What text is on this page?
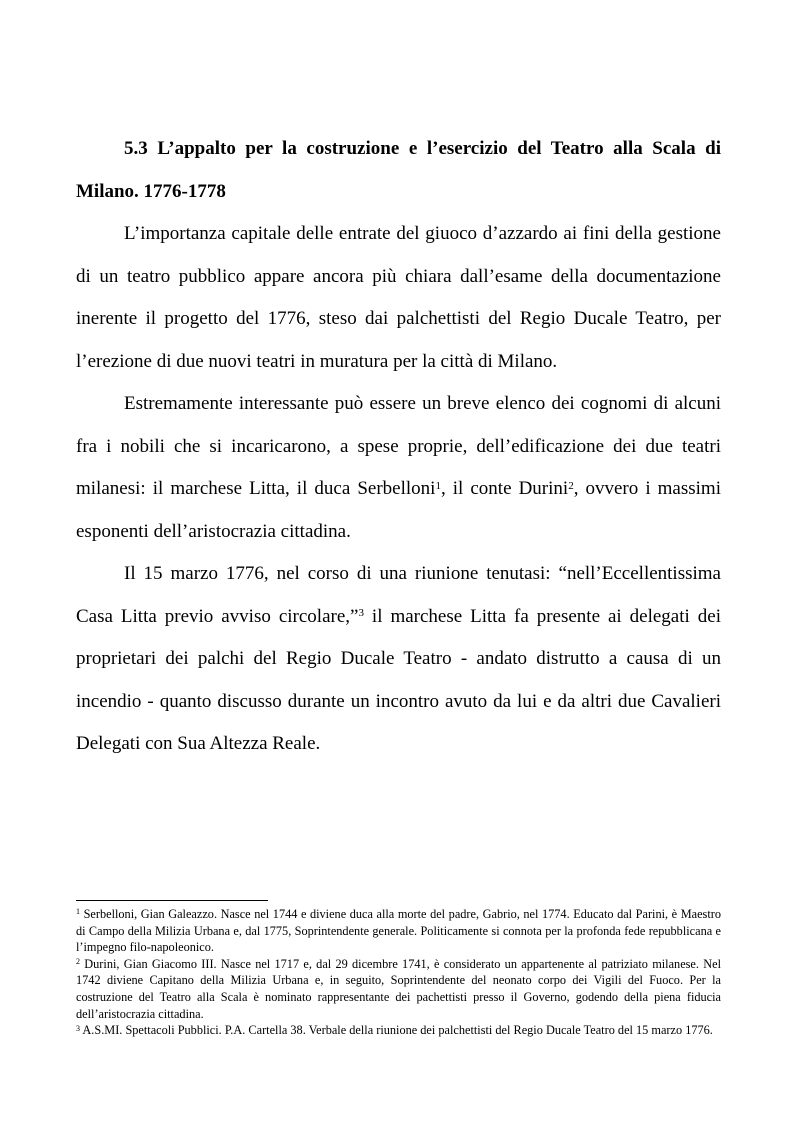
5.3 L’appalto per la costruzione e l’esercizio del Teatro alla Scala di Milano. 1776-1778

L’importanza capitale delle entrate del giuoco d’azzardo ai fini della gestione di un teatro pubblico appare ancora più chiara dall’esame della documentazione inerente il progetto del 1776, steso dai palchettisti del Regio Ducale Teatro, per l’erezione di due nuovi teatri in muratura per la città di Milano.

Estremamente interessante può essere un breve elenco dei cognomi di alcuni fra i nobili che si incaricarono, a spese proprie, dell’edificazione dei due teatri milanesi: il marchese Litta, il duca Serbelloni$^1$, il conte Durini$^2$, ovvero i massimi esponenti dell’aristocrazia cittadina.

Il 15 marzo 1776, nel corso di una riunione tenutasi: “nell’Eccellentissima Casa Litta previo avviso circolare,”$^3$ il marchese Litta fa presente ai delegati dei proprietari dei palchi del Regio Ducale Teatro - andato distrutto a causa di un incendio - quanto discusso durante un incontro avuto da lui e da altri due Cavalieri Delegati con Sua Altezza Reale.

$^1$ Serbelloni, Gian Galeazzo. Nasce nel 1744 e diviene duca alla morte del padre, Gabrio, nel 1774. Educato dal Parini, è Maestro di Campo della Milizia Urbana e, dal 1775, Soprintendente generale. Politicamente si connota per la profonda fede repubblicana e l’impegno filo-napoleonico.

$^2$ Durini, Gian Giacomo III. Nasce nel 1717 e, dal 29 dicembre 1741, è considerato un appartenente al patriziato milanese. Nel 1742 diviene Capitano della Milizia Urbana e, in seguito, Soprintendente del neonato corpo dei Vigili del Fuoco. Per la costruzione del Teatro alla Scala è nominato rappresentante dei pachettisti presso il Governo, godendo della piena fiducia dell’aristocrazia cittadina.

$^3$ A.S.MI. Spettacoli Pubblici. P.A. Cartella 38. Verbale della riunione dei palchettisti del Regio Ducale Teatro del 15 marzo 1776.
